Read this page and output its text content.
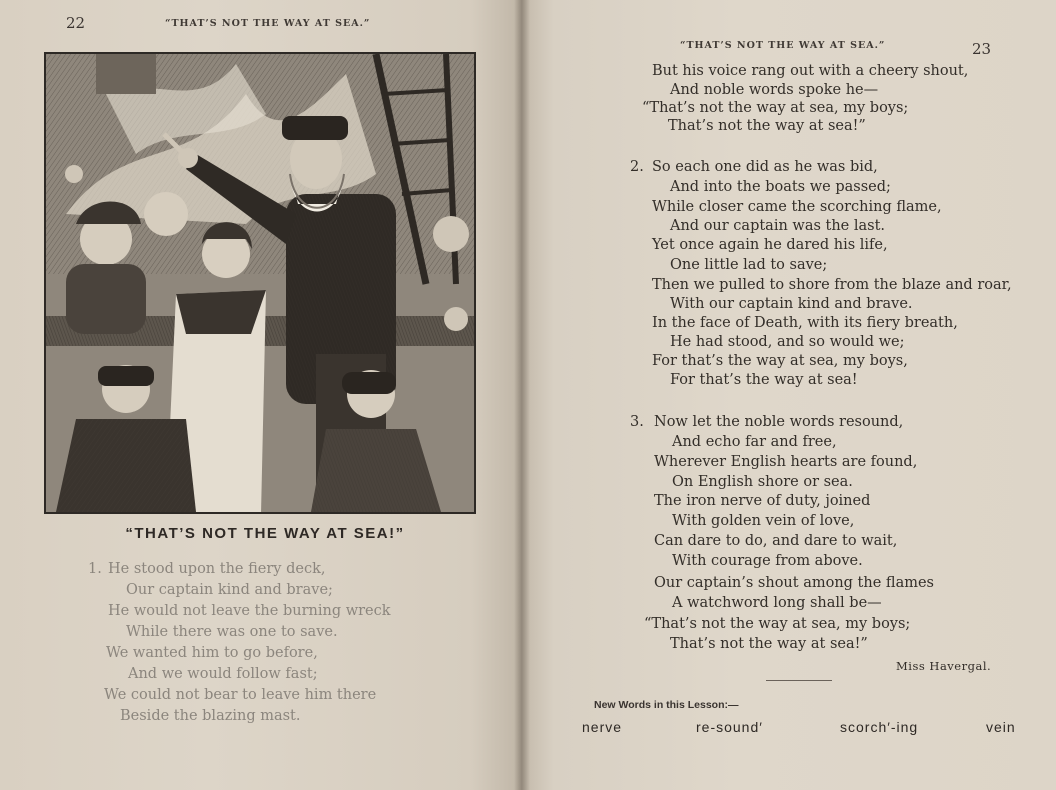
22	“THAT’S NOT THE WAY AT SEA.”
“THAT’S NOT THE WAY AT SEA!”
1. He stood upon the fiery deck,
Our captain kind and brave;
He would not leave the burning wreck
While there was one to save.
We wanted him to go before,
And we would follow fast;
We could not bear to leave him there
Beside the blazing mast.
“THAT’S NOT THE WAY AT SEA.”	23
But his voice rang out with a cheery shout,
And noble words spoke he—
“That’s not the way at sea, my boys;
That’s not the way at sea!”
2. So each one did as he was bid,
And into the boats we passed;
While closer came the scorching flame,
And our captain was the last.
Yet once again he dared his life,
One little lad to save;
Then we pulled to shore from the blaze and roar,
With our captain kind and brave.
In the face of Death, with its fiery breath,
He had stood, and so would we;
For that’s the way at sea, my boys,
For that’s the way at sea!
3. Now let the noble words resound,
And echo far and free,
Wherever English hearts are found,
On English shore or sea.
The iron nerve of duty, joined
With golden vein of love,
Can dare to do, and dare to wait,
With courage from above.
Our captain’s shout among the flames
A watchword long shall be—
“That’s not the way at sea, my boys;
That’s not the way at sea!”
Miss Havergal.
New Words in this Lesson:—
nerve	re-sound′	scorch′-ing	vein
